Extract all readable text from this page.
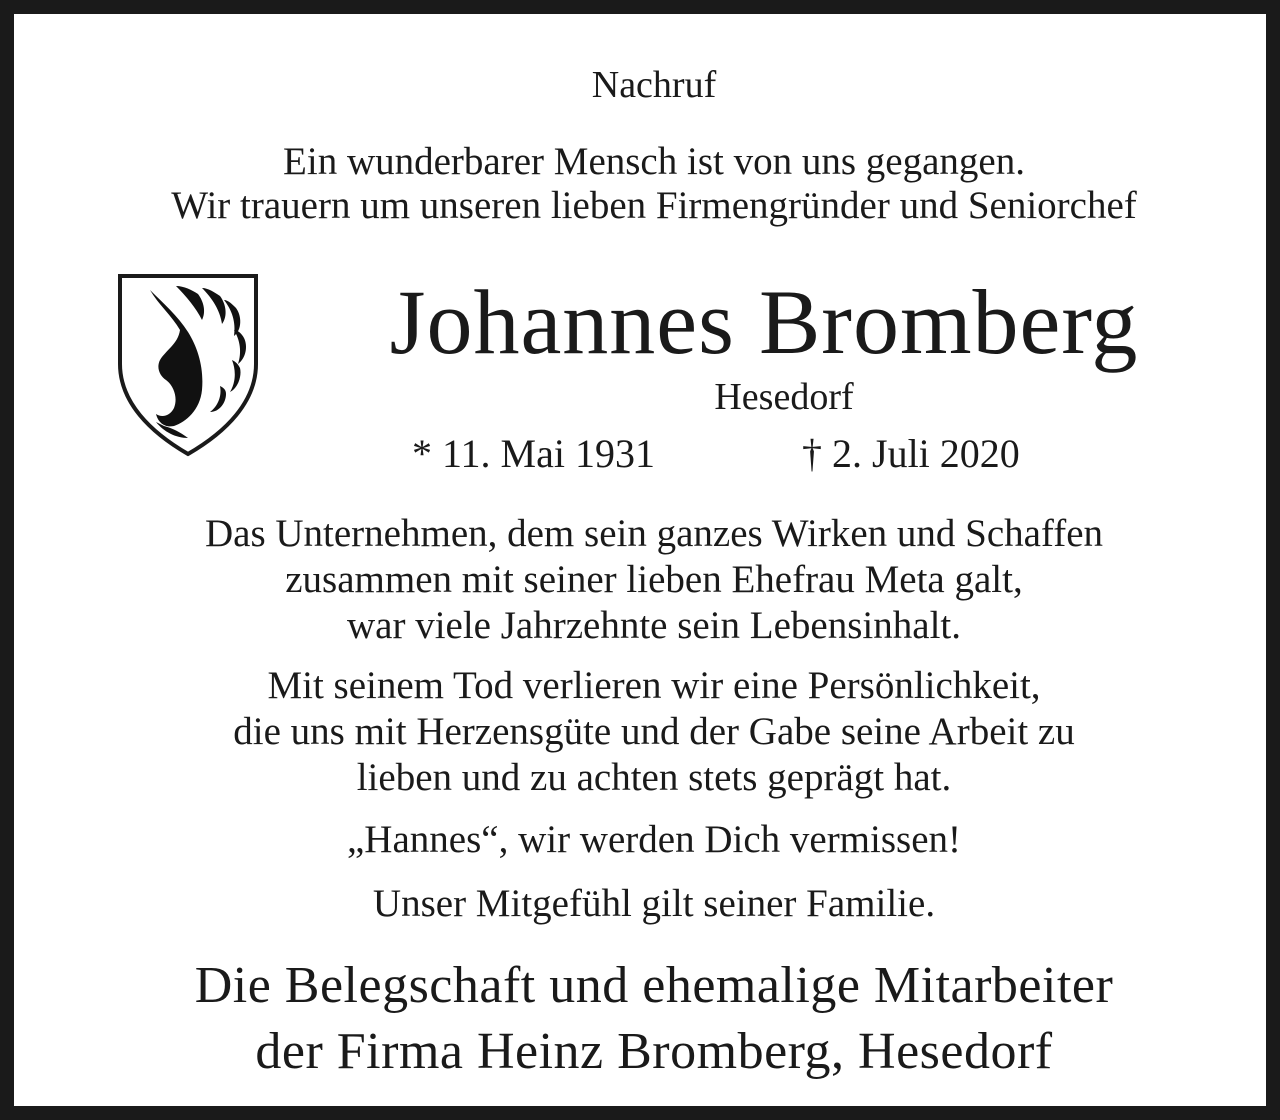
Nachruf
Ein wunderbarer Mensch ist von uns gegangen.
Wir trauern um unseren lieben Firmengründer und Seniorchef
Johannes Bromberg
Hesedorf
* 11. Mai 1931	† 2. Juli 2020
Das Unternehmen, dem sein ganzes Wirken und Schaffen
zusammen mit seiner lieben Ehefrau Meta galt,
war viele Jahrzehnte sein Lebensinhalt.
Mit seinem Tod verlieren wir eine Persönlichkeit,
die uns mit Herzensgüte und der Gabe seine Arbeit zu
lieben und zu achten stets geprägt hat.
„Hannes“, wir werden Dich vermissen!
Unser Mitgefühl gilt seiner Familie.
Die Belegschaft und ehemalige Mitarbeiter
der Firma Heinz Bromberg, Hesedorf
